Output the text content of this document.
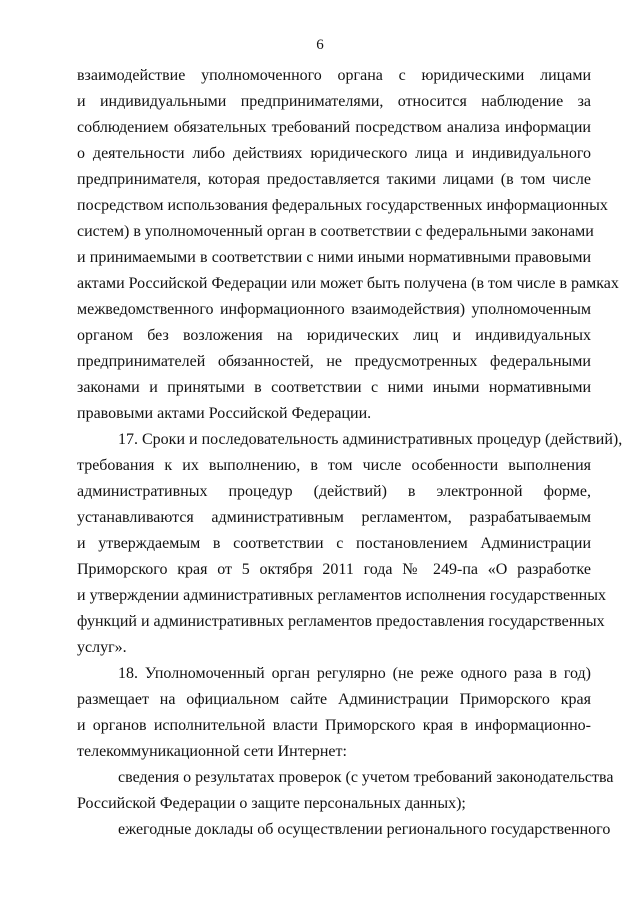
6
взаимодействие уполномоченного органа с юридическими лицами
и индивидуальными предпринимателями, относится наблюдение за
соблюдением обязательных требований посредством анализа информации
о деятельности либо действиях юридического лица и индивидуального
предпринимателя, которая предоставляется такими лицами (в том числе
посредством использования федеральных государственных информационных
систем) в уполномоченный орган в соответствии с федеральными законами
и принимаемыми в соответствии с ними иными нормативными правовыми
актами Российской Федерации или может быть получена (в том числе в рамках
межведомственного информационного взаимодействия) уполномоченным
органом без возложения на юридических лиц и индивидуальных
предпринимателей обязанностей, не предусмотренных федеральными
законами и принятыми в соответствии с ними иными нормативными
правовыми актами Российской Федерации.
17. Сроки и последовательность административных процедур (действий),
требования к их выполнению, в том числе особенности выполнения
административных процедур (действий) в электронной форме,
устанавливаются административным регламентом, разрабатываемым
и утверждаемым в соответствии с постановлением Администрации
Приморского края от 5 октября 2011 года № 249-па «О разработке
и утверждении административных регламентов исполнения государственных
функций и административных регламентов предоставления государственных
услуг».
18. Уполномоченный орган регулярно (не реже одного раза в год)
размещает на официальном сайте Администрации Приморского края
и органов исполнительной власти Приморского края в информационно-
телекоммуникационной сети Интернет:
сведения о результатах проверок (с учетом требований законодательства
Российской Федерации о защите персональных данных);
ежегодные доклады об осуществлении регионального государственного
